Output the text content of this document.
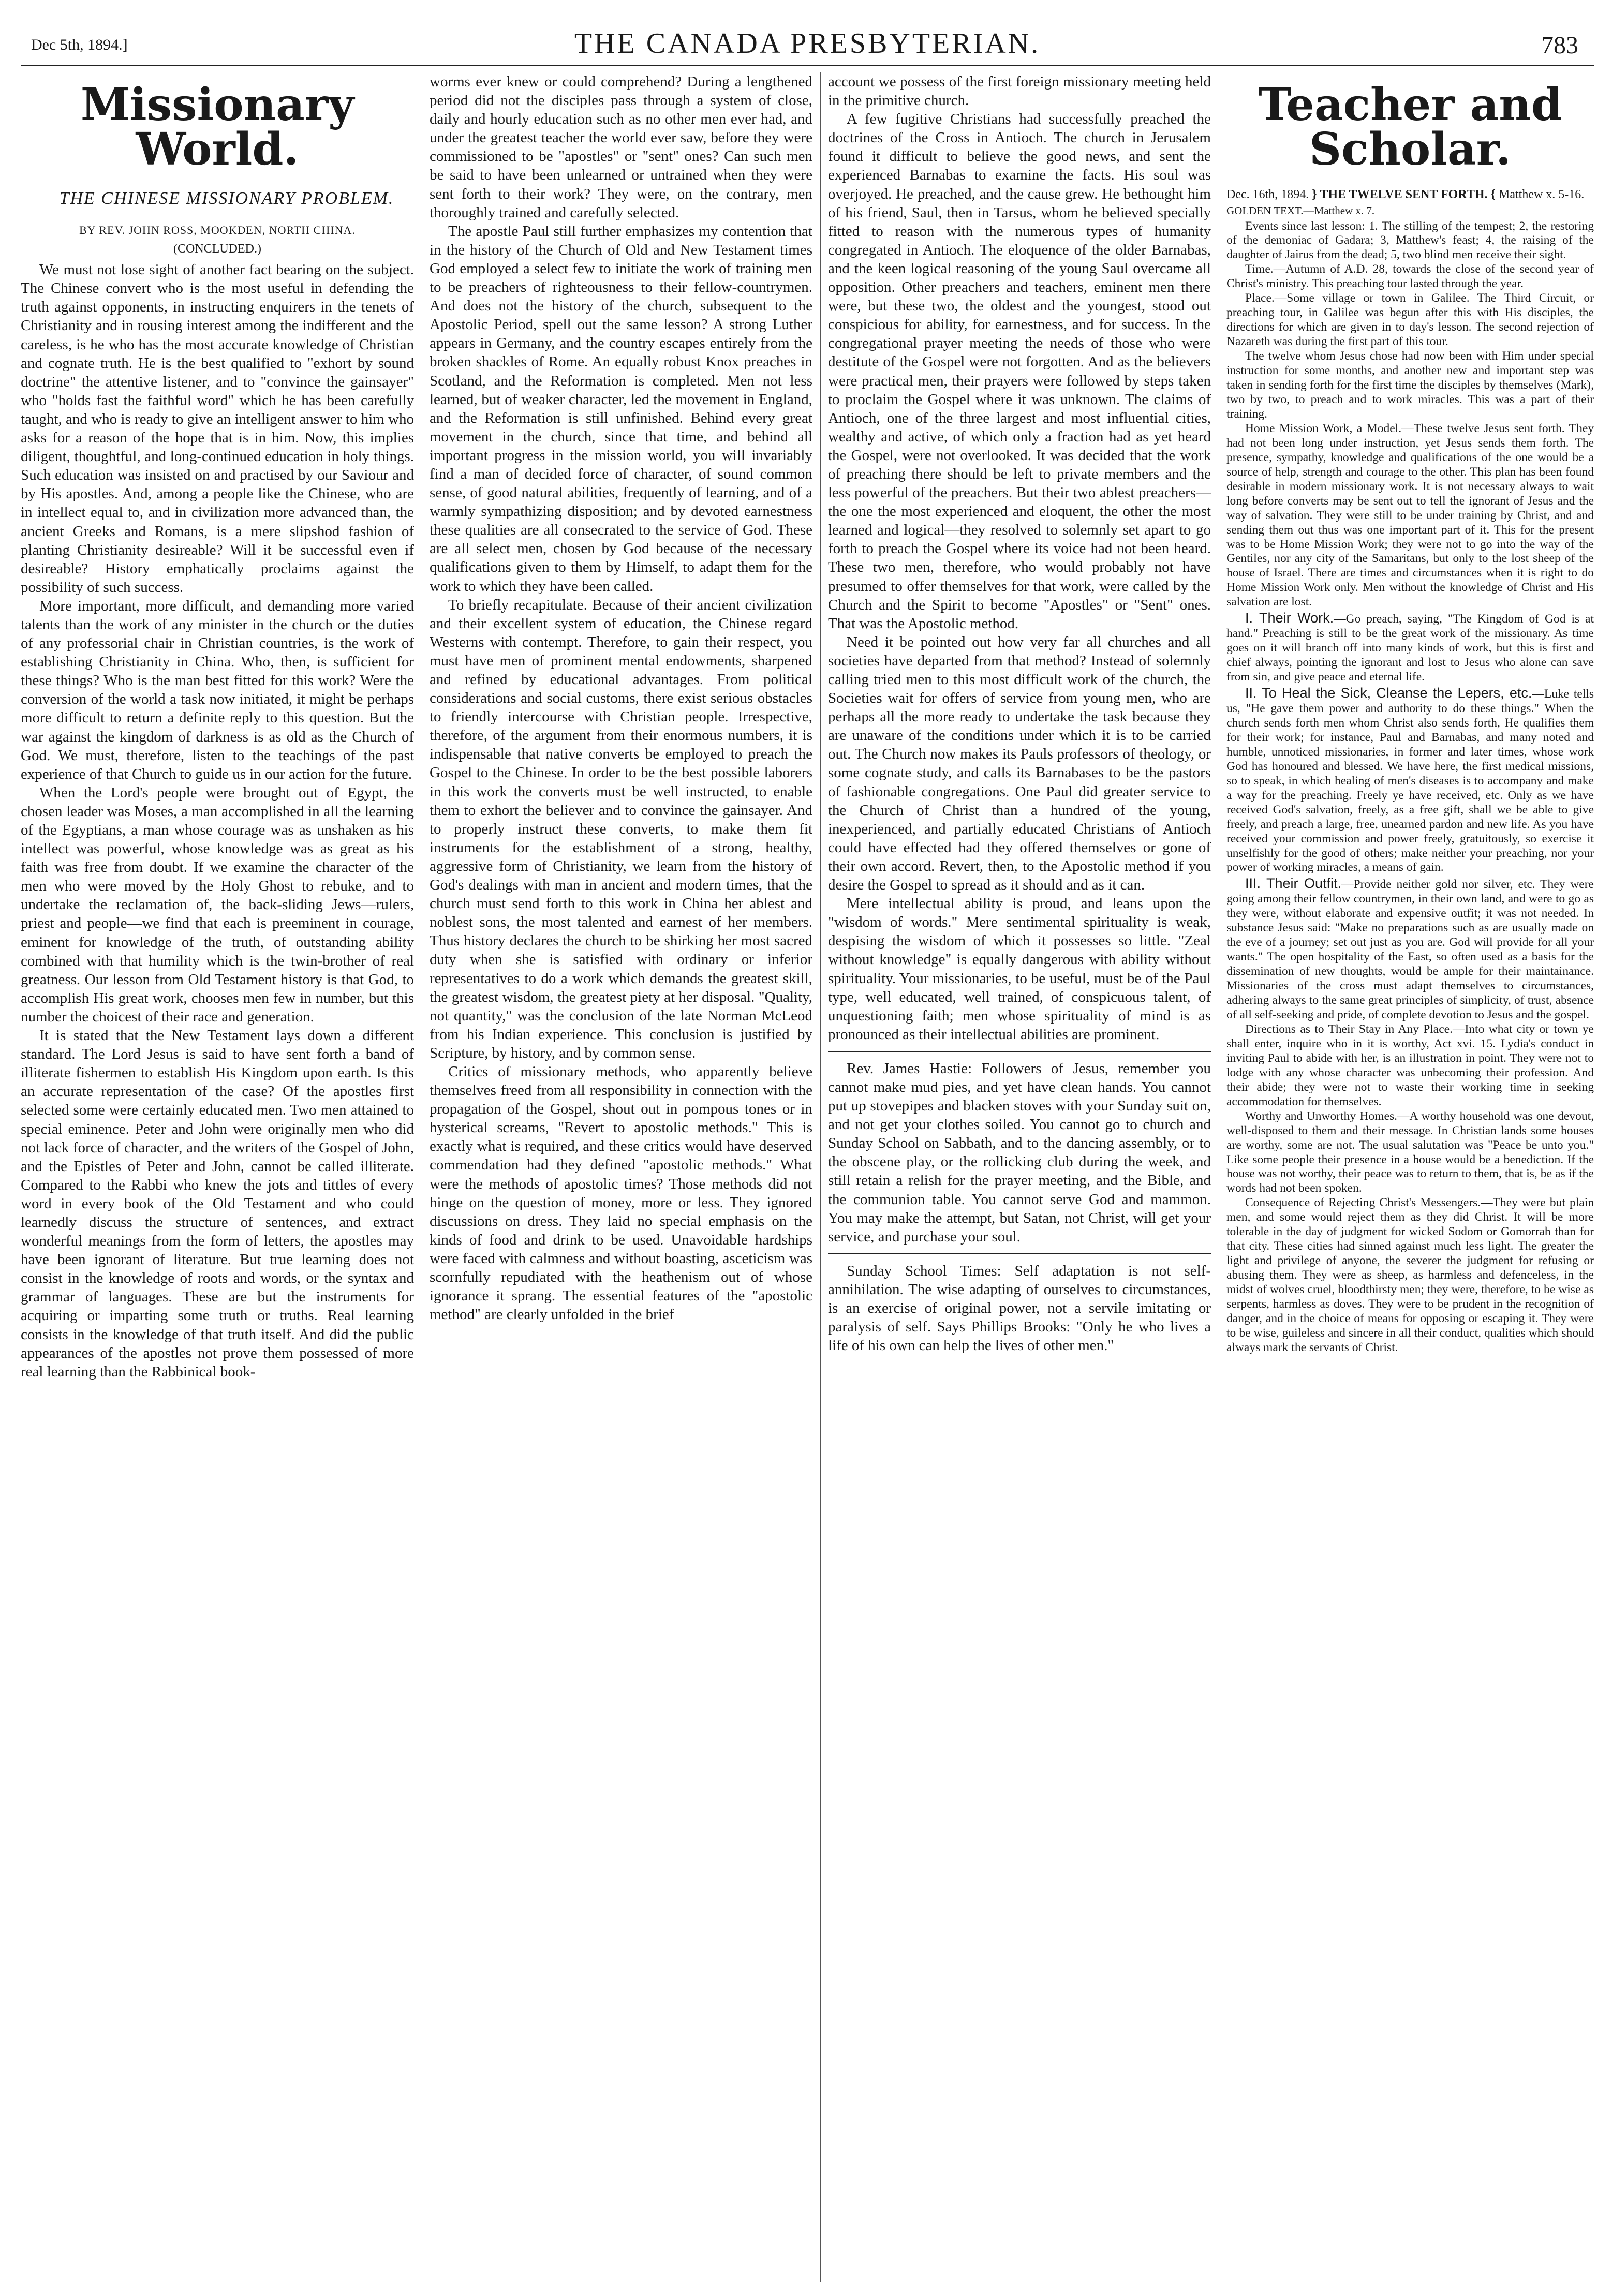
Dec 5th, 1894.]	THE CANADA PRESBYTERIAN.	783
Missionary World.

THE CHINESE MISSIONARY PROBLEM.

BY REV. JOHN ROSS, MOOKDEN, NORTH CHINA.
(CONCLUDED.)

We must not lose sight of another fact bearing on the subject. The Chinese convert who is the most useful in defending the truth against opponents, in instructing enquirers in the tenets of Christianity and in rousing interest among the indifferent and the careless, is he who has the most accurate knowledge of Christian and cognate truth. He is the best qualified to "exhort by sound doctrine" the attentive listener, and to "convince the gainsayer" who "holds fast the faithful word" which he has been carefully taught, and who is ready to give an intelligent answer to him who asks for a reason of the hope that is in him. Now, this implies diligent, thoughtful, and long-continued education in holy things. Such education was insisted on and practised by our Saviour and by His apostles. And, among a people like the Chinese, who are in intellect equal to, and in civilization more advanced than, the ancient Greeks and Romans, is a mere slipshod fashion of planting Christianity desireable? Will it be successful even if desireable? History emphatically proclaims against the possibility of such success.

More important, more difficult, and demanding more varied talents than the work of any minister in the church or the duties of any professorial chair in Christian countries, is the work of establishing Christianity in China. Who, then, is sufficient for these things? Who is the man best fitted for this work? Were the conversion of the world a task now initiated, it might be perhaps more difficult to return a definite reply to this question. But the war against the kingdom of darkness is as old as the Church of God. We must, therefore, listen to the teachings of the past experience of that Church to guide us in our action for the future.

When the Lord's people were brought out of Egypt, the chosen leader was Moses, a man accomplished in all the learning of the Egyptians, a man whose courage was as unshaken as his intellect was powerful, whose knowledge was as great as his faith was free from doubt. If we examine the character of the men who were moved by the Holy Ghost to rebuke, and to undertake the reclamation of, the back-sliding Jews—rulers, priest and people—we find that each is preeminent in courage, eminent for knowledge of the truth, of outstanding ability combined with that humility which is the twin-brother of real greatness. Our lesson from Old Testament history is that God, to accomplish His great work, chooses men few in number, but this number the choicest of their race and generation.

It is stated that the New Testament lays down a different standard. The Lord Jesus is said to have sent forth a band of illiterate fishermen to establish His Kingdom upon earth. Is this an accurate representation of the case? Of the apostles first selected some were certainly educated men. Two men attained to special eminence. Peter and John were originally men who did not lack force of character, and the writers of the Gospel of John, and the Epistles of Peter and John, cannot be called illiterate. Compared to the Rabbi who knew the jots and tittles of every word in every book of the Old Testament and who could learnedly discuss the structure of sentences, and extract wonderful meanings from the form of letters, the apostles may have been ignorant of literature. But true learning does not consist in the knowledge of roots and words, or the syntax and grammar of languages. These are but the instruments for acquiring or imparting some truth or truths. Real learning consists in the knowledge of that truth itself. And did the public appearances of the apostles not prove them possessed of more real learning than the Rabbinical book-

worms ever knew or could comprehend? During a lengthened period did not the disciples pass through a system of close, daily and hourly education such as no other men ever had, and under the greatest teacher the world ever saw, before they were commissioned to be "apostles" or "sent" ones? Can such men be said to have been unlearned or untrained when they were sent forth to their work? They were, on the contrary, men thoroughly trained and carefully selected.

The apostle Paul still further emphasizes my contention that in the history of the Church of Old and New Testament times God employed a select few to initiate the work of training men to be preachers of righteousness to their fellow-countrymen. And does not the history of the church, subsequent to the Apostolic Period, spell out the same lesson? A strong Luther appears in Germany, and the country escapes entirely from the broken shackles of Rome. An equally robust Knox preaches in Scotland, and the Reformation is completed. Men not less learned, but of weaker character, led the movement in England, and the Reformation is still unfinished. Behind every great movement in the church, since that time, and behind all important progress in the mission world, you will invariably find a man of decided force of character, of sound common sense, of good natural abilities, frequently of learning, and of a warmly sympathizing disposition; and by devoted earnestness these qualities are all consecrated to the service of God. These are all select men, chosen by God because of the necessary qualifications given to them by Himself, to adapt them for the work to which they have been called.

To briefly recapitulate. Because of their ancient civilization and their excellent system of education, the Chinese regard Westerns with contempt. Therefore, to gain their respect, you must have men of prominent mental endowments, sharpened and refined by educational advantages. From political considerations and social customs, there exist serious obstacles to friendly intercourse with Christian people. Irrespective, therefore, of the argument from their enormous numbers, it is indispensable that native converts be employed to preach the Gospel to the Chinese. In order to be the best possible laborers in this work the converts must be well instructed, to enable them to exhort the believer and to convince the gainsayer. And to properly instruct these converts, to make them fit instruments for the establishment of a strong, healthy, aggressive form of Christianity, we learn from the history of God's dealings with man in ancient and modern times, that the church must send forth to this work in China her ablest and noblest sons, the most talented and earnest of her members. Thus history declares the church to be shirking her most sacred duty when she is satisfied with ordinary or inferior representatives to do a work which demands the greatest skill, the greatest wisdom, the greatest piety at her disposal. "Quality, not quantity," was the conclusion of the late Norman McLeod from his Indian experience. This conclusion is justified by Scripture, by history, and by common sense.

Critics of missionary methods, who apparently believe themselves freed from all responsibility in connection with the propagation of the Gospel, shout out in pompous tones or in hysterical screams, "Revert to apostolic methods." This is exactly what is required, and these critics would have deserved commendation had they defined "apostolic methods." What were the methods of apostolic times? Those methods did not hinge on the question of money, more or less. They ignored discussions on dress. They laid no special emphasis on the kinds of food and drink to be used. Unavoidable hardships were faced with calmness and without boasting, asceticism was scornfully repudiated with the heathenism out of whose ignorance it sprang. The essential features of the "apostolic method" are clearly unfolded in the brief

account we possess of the first foreign missionary meeting held in the primitive church.

A few fugitive Christians had successfully preached the doctrines of the Cross in Antioch. The church in Jerusalem found it difficult to believe the good news, and sent the experienced Barnabas to examine the facts. His soul was overjoyed. He preached, and the cause grew. He bethought him of his friend, Saul, then in Tarsus, whom he believed specially fitted to reason with the numerous types of humanity congregated in Antioch. The eloquence of the older Barnabas, and the keen logical reasoning of the young Saul overcame all opposition. Other preachers and teachers, eminent men there were, but these two, the oldest and the youngest, stood out conspicious for ability, for earnestness, and for success. In the congregational prayer meeting the needs of those who were destitute of the Gospel were not forgotten. And as the believers were practical men, their prayers were followed by steps taken to proclaim the Gospel where it was unknown. The claims of Antioch, one of the three largest and most influential cities, wealthy and active, of which only a fraction had as yet heard the Gospel, were not overlooked. It was decided that the work of preaching there should be left to private members and the less powerful of the preachers. But their two ablest preachers—the one the most experienced and eloquent, the other the most learned and logical—they resolved to solemnly set apart to go forth to preach the Gospel where its voice had not been heard. These two men, therefore, who would probably not have presumed to offer themselves for that work, were called by the Church and the Spirit to become "Apostles" or "Sent" ones. That was the Apostolic method.

Need it be pointed out how very far all churches and all societies have departed from that method? Instead of solemnly calling tried men to this most difficult work of the church, the Societies wait for offers of service from young men, who are perhaps all the more ready to undertake the task because they are unaware of the conditions under which it is to be carried out. The Church now makes its Pauls professors of theology, or some cognate study, and calls its Barnabases to be the pastors of fashionable congregations. One Paul did greater service to the Church of Christ than a hundred of the young, inexperienced, and partially educated Christians of Antioch could have effected had they offered themselves or gone of their own accord. Revert, then, to the Apostolic method if you desire the Gospel to spread as it should and as it can.

Mere intellectual ability is proud, and leans upon the "wisdom of words." Mere sentimental spirituality is weak, despising the wisdom of which it possesses so little. "Zeal without knowledge" is equally dangerous with ability without spirituality. Your missionaries, to be useful, must be of the Paul type, well educated, well trained, of conspicuous talent, of unquestioning faith; men whose spirituality of mind is as pronounced as their intellectual abilities are prominent.

Rev. James Hastie: Followers of Jesus, remember you cannot make mud pies, and yet have clean hands. You cannot put up stovepipes and blacken stoves with your Sunday suit on, and not get your clothes soiled. You cannot go to church and Sunday School on Sabbath, and to the dancing assembly, or to the obscene play, or the rollicking club during the week, and still retain a relish for the prayer meeting, and the Bible, and the communion table. You cannot serve God and mammon. You may make the attempt, but Satan, not Christ, will get your service, and purchase your soul.

Sunday School Times: Self adaptation is not self-annihilation. The wise adapting of ourselves to circumstances, is an exercise of original power, not a servile imitating or paralysis of self. Says Phillips Brooks: "Only he who lives a life of his own can help the lives of other men."

Teacher and Scholar.

Dec. 16th, 1894. } THE TWELVE SENT FORTH. { Matthew x. 5-16.

GOLDEN TEXT.—Matthew x. 7.

Events since last lesson: 1. The stilling of the tempest; 2, the restoring of the demoniac of Gadara; 3, Matthew's feast; 4, the raising of the daughter of Jairus from the dead; 5, two blind men receive their sight.

Time.—Autumn of A.D. 28, towards the close of the second year of Christ's ministry. This preaching tour lasted through the year.

Place.—Some village or town in Galilee. The Third Circuit, or preaching tour, in Galilee was begun after this with His disciples, the directions for which are given in to day's lesson. The second rejection of Nazareth was during the first part of this tour.

The twelve whom Jesus chose had now been with Him under special instruction for some months, and another new and important step was taken in sending forth for the first time the disciples by themselves (Mark), two by two, to preach and to work miracles. This was a part of their training.

Home Mission Work, a Model.—These twelve Jesus sent forth. They had not been long under instruction, yet Jesus sends them forth. The presence, sympathy, knowledge and qualifications of the one would be a source of help, strength and courage to the other. This plan has been found desirable in modern missionary work. It is not necessary always to wait long before converts may be sent out to tell the ignorant of Jesus and the way of salvation. They were still to be under training by Christ, and and sending them out thus was one important part of it. This for the present was to be Home Mission Work; they were not to go into the way of the Gentiles, nor any city of the Samaritans, but only to the lost sheep of the house of Israel. There are times and circumstances when it is right to do Home Mission Work only. Men without the knowledge of Christ and His salvation are lost.

I. Their Work.—Go preach, saying, "The Kingdom of God is at hand." Preaching is still to be the great work of the missionary. As time goes on it will branch off into many kinds of work, but this is first and chief always, pointing the ignorant and lost to Jesus who alone can save from sin, and give peace and eternal life.

II. To Heal the Sick, Cleanse the Lepers, etc.—Luke tells us, "He gave them power and authority to do these things." When the church sends forth men whom Christ also sends forth, He qualifies them for their work; for instance, Paul and Barnabas, and many noted and humble, unnoticed missionaries, in former and later times, whose work God has honoured and blessed. We have here, the first medical missions, so to speak, in which healing of men's diseases is to accompany and make a way for the preaching. Freely ye have received, etc. Only as we have received God's salvation, freely, as a free gift, shall we be able to give freely, and preach a large, free, unearned pardon and new life. As you have received your commission and power freely, gratuitously, so exercise it unselfishly for the good of others; make neither your preaching, nor your power of working miracles, a means of gain.

III. Their Outfit.—Provide neither gold nor silver, etc. They were going among their fellow countrymen, in their own land, and were to go as they were, without elaborate and expensive outfit; it was not needed. In substance Jesus said: "Make no preparations such as are usually made on the eve of a journey; set out just as you are. God will provide for all your wants." The open hospitality of the East, so often used as a basis for the dissemination of new thoughts, would be ample for their maintainance. Missionaries of the cross must adapt themselves to circumstances, adhering always to the same great principles of simplicity, of trust, absence of all self-seeking and pride, of complete devotion to Jesus and the gospel.

Directions as to Their Stay in Any Place.—Into what city or town ye shall enter, inquire who in it is worthy, Act xvi. 15. Lydia's conduct in inviting Paul to abide with her, is an illustration in point. They were not to lodge with any whose character was unbecoming their profession. And their abide; they were not to waste their working time in seeking accommodation for themselves.

Worthy and Unworthy Homes.—A worthy household was one devout, well-disposed to them and their message. In Christian lands some houses are worthy, some are not. The usual salutation was "Peace be unto you." Like some people their presence in a house would be a benediction. If the house was not worthy, their peace was to return to them, that is, be as if the words had not been spoken.

Consequence of Rejecting Christ's Messengers.—They were but plain men, and some would reject them as they did Christ. It will be more tolerable in the day of judgment for wicked Sodom or Gomorrah than for that city. These cities had sinned against much less light. The greater the light and privilege of anyone, the severer the judgment for refusing or abusing them. They were as sheep, as harmless and defenceless, in the midst of wolves cruel, bloodthirsty men; they were, therefore, to be wise as serpents, harmless as doves. They were to be prudent in the recognition of danger, and in the choice of means for opposing or escaping it. They were to be wise, guileless and sincere in all their conduct, qualities which should always mark the servants of Christ.
